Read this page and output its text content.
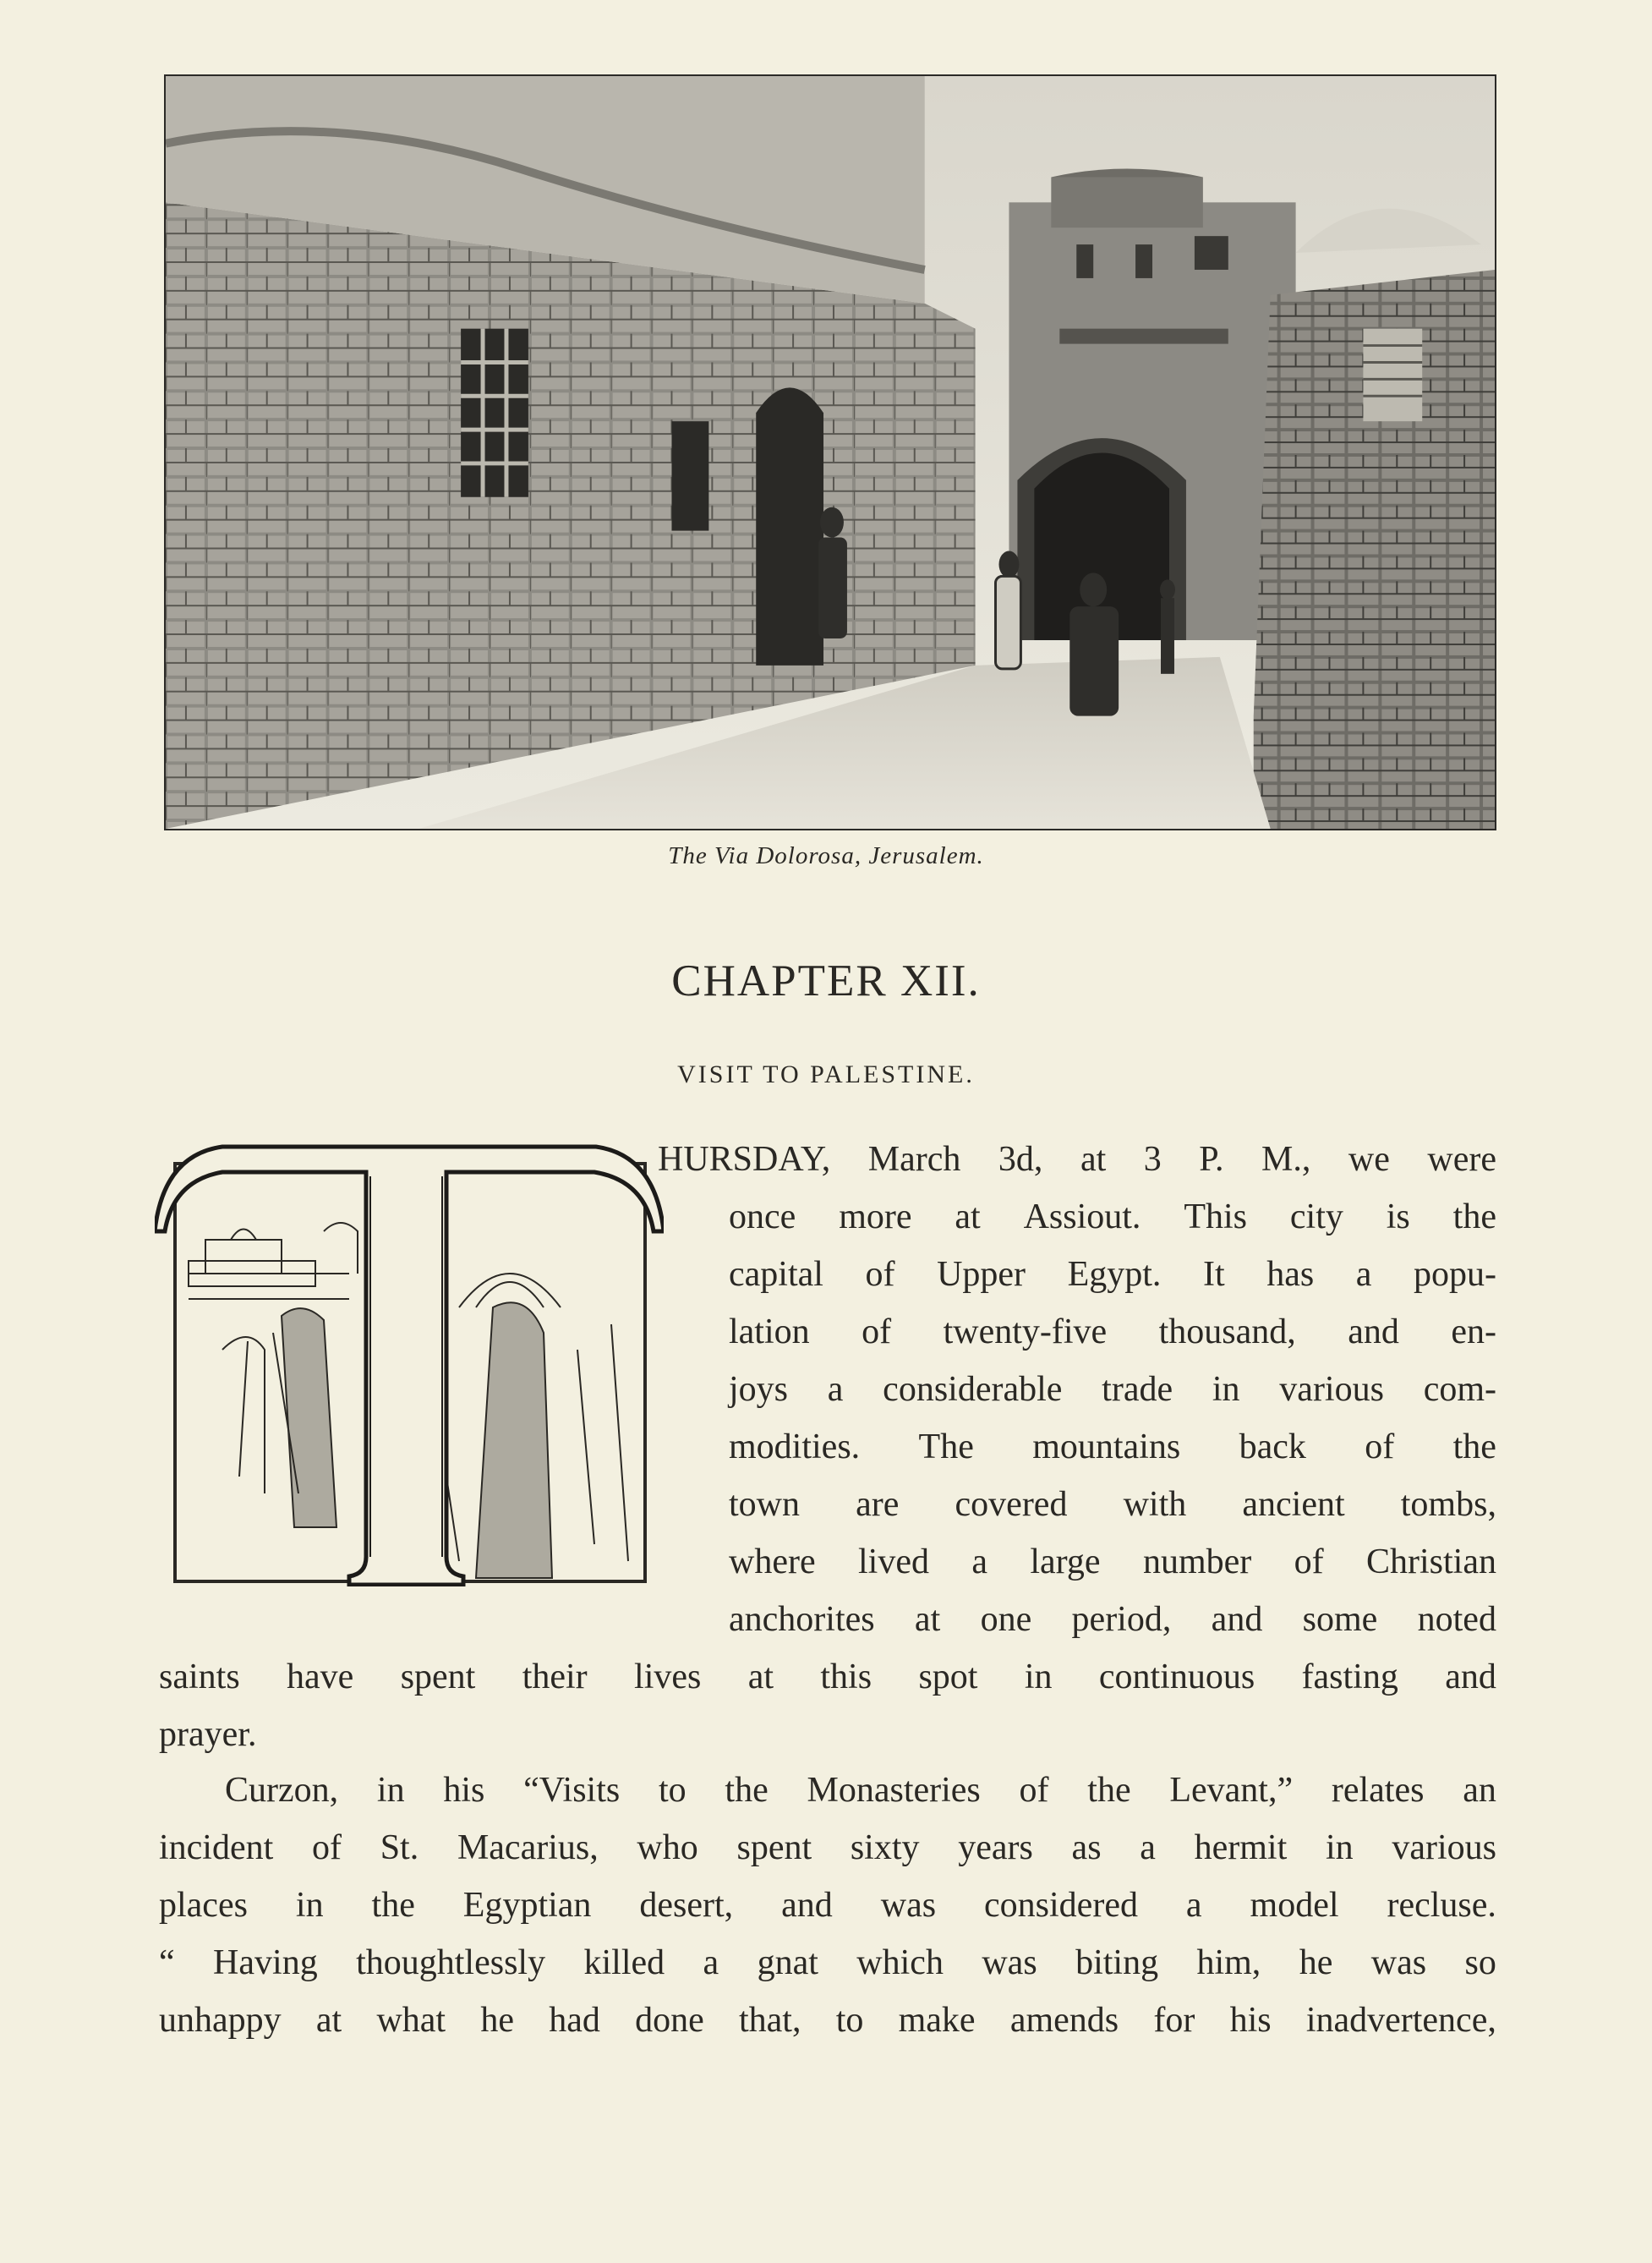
The Via Dolorosa, Jerusalem.
CHAPTER XII.
VISIT TO PALESTINE.
HURSDAY, March 3d, at 3 P. M., we were
once more at Assiout. This city is the
capital of Upper Egypt. It has a popu-
lation of twenty-five thousand, and en-
joys a considerable trade in various com-
modities. The mountains back of the
town are covered with ancient tombs,
where lived a large number of Christian
anchorites at one period, and some noted
saints have spent their lives at this spot in continuous fasting and
prayer.
Curzon, in his “Visits to the Monasteries of the Levant,” relates an
incident of St. Macarius, who spent sixty years as a hermit in various
places in the Egyptian desert, and was considered a model recluse.
“ Having thoughtlessly killed a gnat which was biting him, he was so
unhappy at what he had done that, to make amends for his inadvertence,
